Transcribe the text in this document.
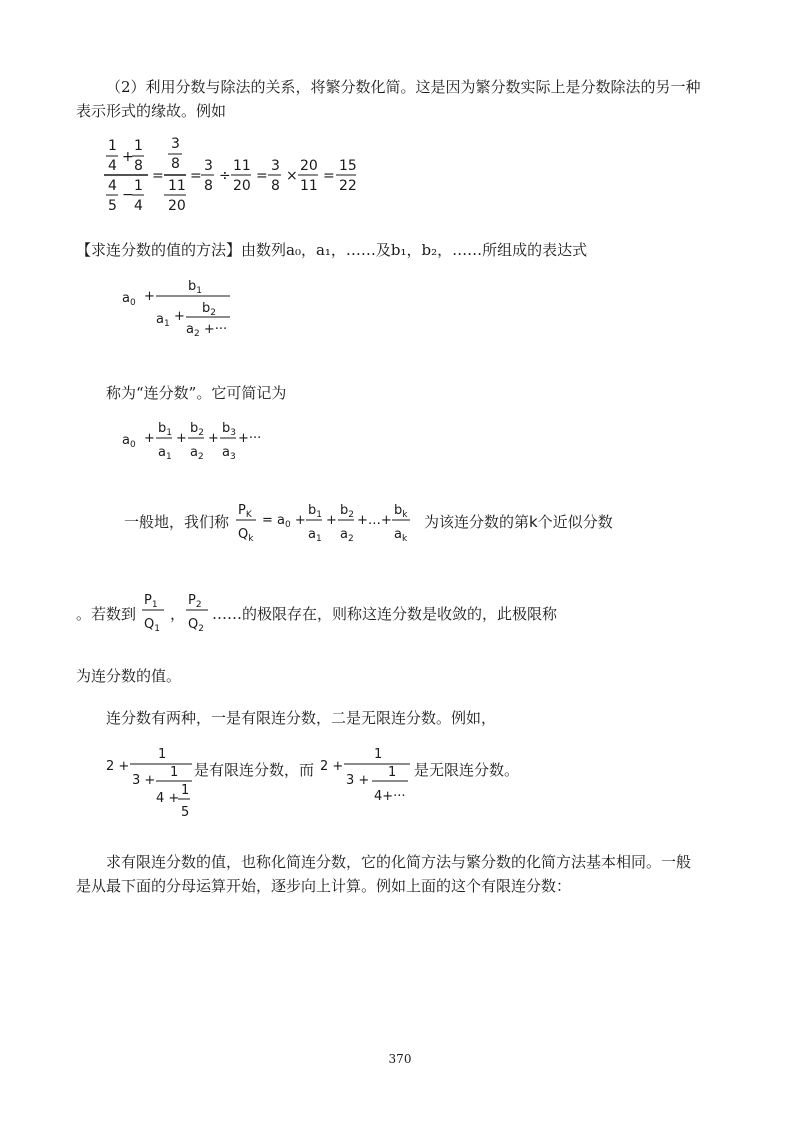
（2）利用分数与除法的关系，将繁分数化简。这是因为繁分数实际上是分数除法的另一种

表示形式的缘故。例如

1
4
+
1
8
4
5
−
1
4
=
3
8
11
20
=
3
8
÷
11
20
=
3
8
×
20
11
=
15
22

【求连分数的值的方法】由数列a₀，a₁，……及b₁，b₂，……所组成的表达式

$a_0$ +
$b_1$
$a_1$ +
$b_2$
$a_2$ +···

称为“连分数”。它可简记为

$a_0$ +
$b_1$
$a_1$
+
$b_2$
$a_2$
+
$b_3$
$a_3$
+···
一般地，我们称
$P_K$
$Q_k$
= $a_0$ +
$b_1$
$a_1$
+
$b_2$
$a_2$
+…+
$b_k$
$a_k$
为该连分数的第k个近似分数
。若数到
$P_1$
$Q_1$
，
$P_2$
$Q_2$
……的极限存在，则称这连分数是收敛的，此极限称

为连分数的值。

连分数有两种，一是有限连分数，二是无限连分数。例如，

2 +
1
3 +
1
4 +
1
5
是有限连分数，而 2 +
1
3 +
1
4+···
是无限连分数。

求有限连分数的值，也称化简连分数，它的化简方法与繁分数的化简方法基本相同。一般

是从最下面的分母运算开始，逐步向上计算。例如上面的这个有限连分数：

370
